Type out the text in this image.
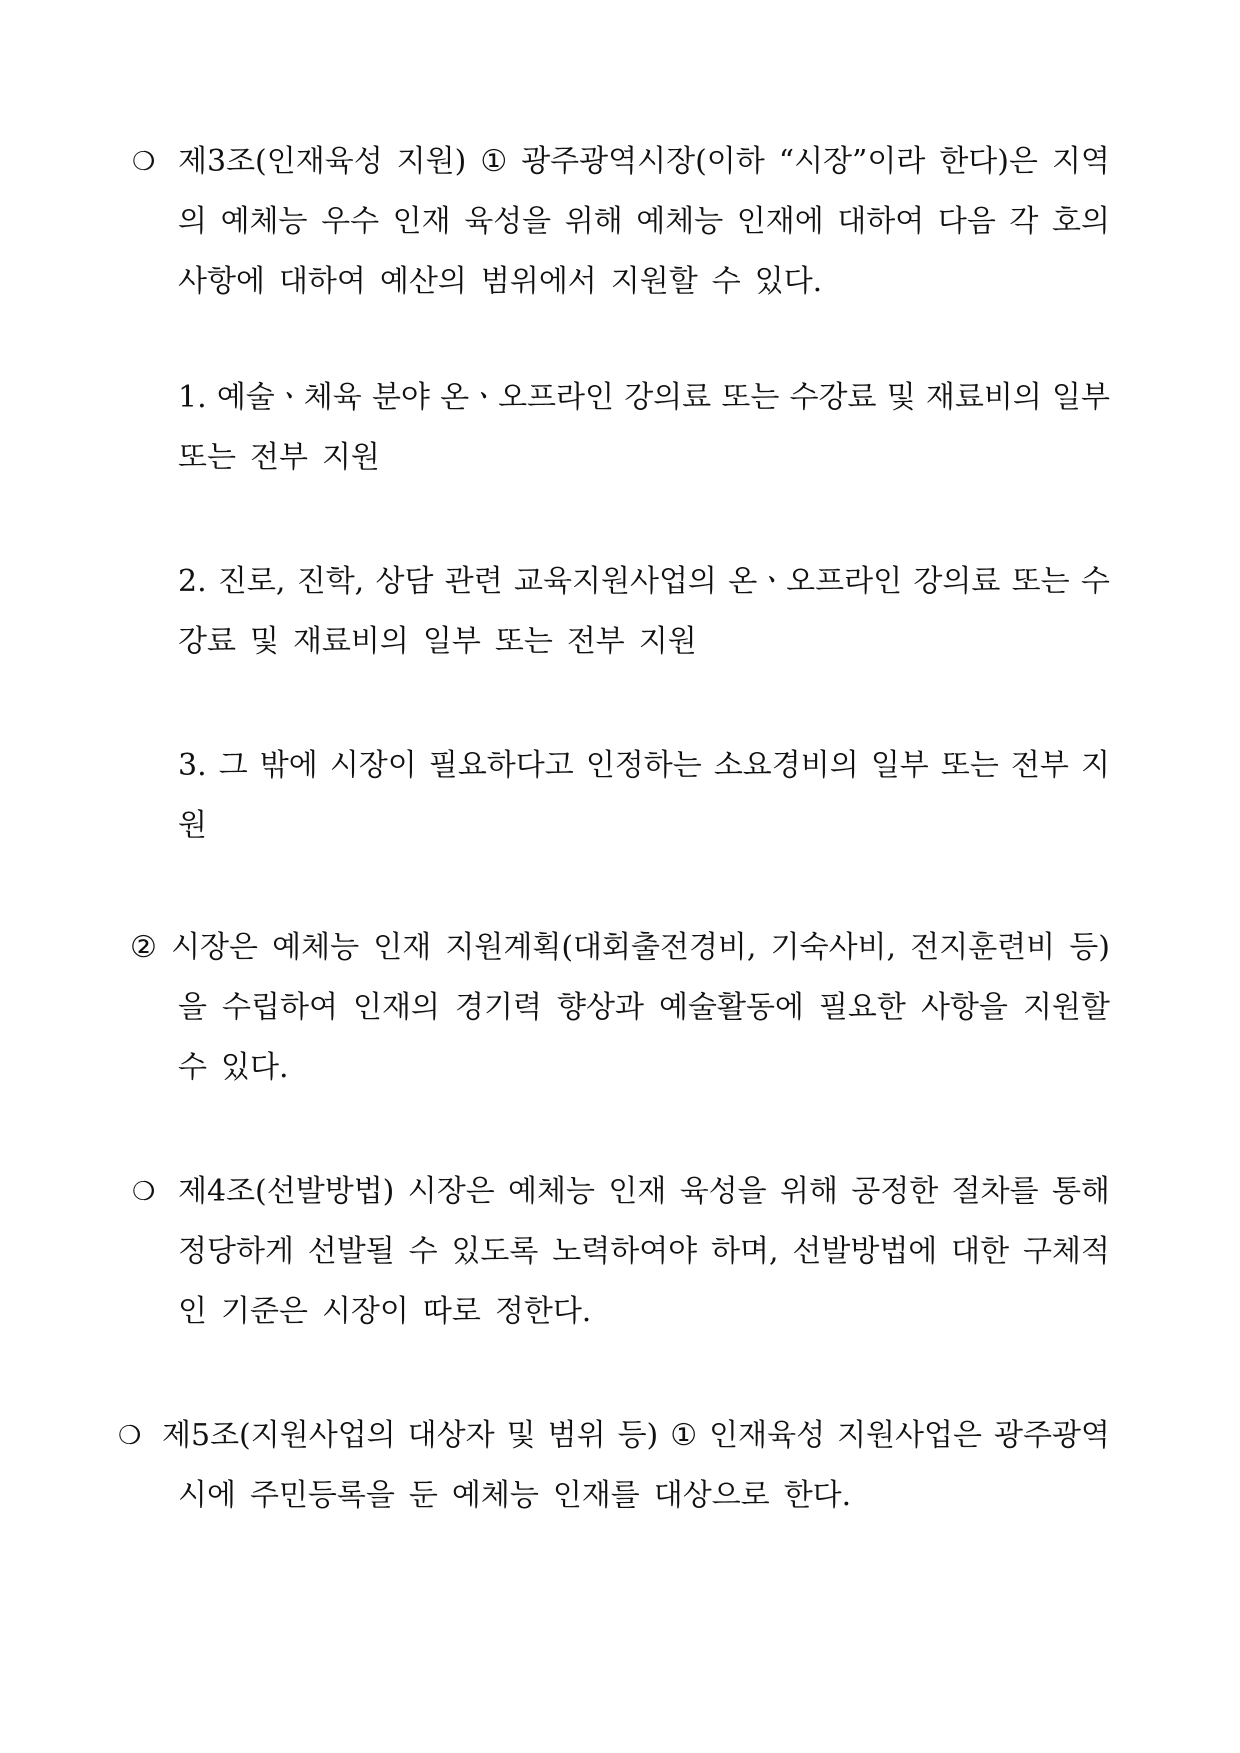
❍ 제3조(인재육성 지원) ① 광주광역시장(이하 “시장”이라 한다)은 지역
의 예체능 우수 인재 육성을 위해 예체능 인재에 대하여 다음 각 호의
사항에 대하여 예산의 범위에서 지원할 수 있다.
1. 예술ㆍ체육 분야 온ㆍ오프라인 강의료 또는 수강료 및 재료비의 일부
또는 전부 지원
2. 진로, 진학, 상담 관련 교육지원사업의 온ㆍ오프라인 강의료 또는 수
강료 및 재료비의 일부 또는 전부 지원
3. 그 밖에 시장이 필요하다고 인정하는 소요경비의 일부 또는 전부 지
원
② 시장은 예체능 인재 지원계획(대회출전경비, 기숙사비, 전지훈련비 등)
을 수립하여 인재의 경기력 향상과 예술활동에 필요한 사항을 지원할
수 있다.
❍ 제4조(선발방법) 시장은 예체능 인재 육성을 위해 공정한 절차를 통해
정당하게 선발될 수 있도록 노력하여야 하며, 선발방법에 대한 구체적
인 기준은 시장이 따로 정한다.
❍ 제5조(지원사업의 대상자 및 범위 등) ① 인재육성 지원사업은 광주광역
시에 주민등록을 둔 예체능 인재를 대상으로 한다.
